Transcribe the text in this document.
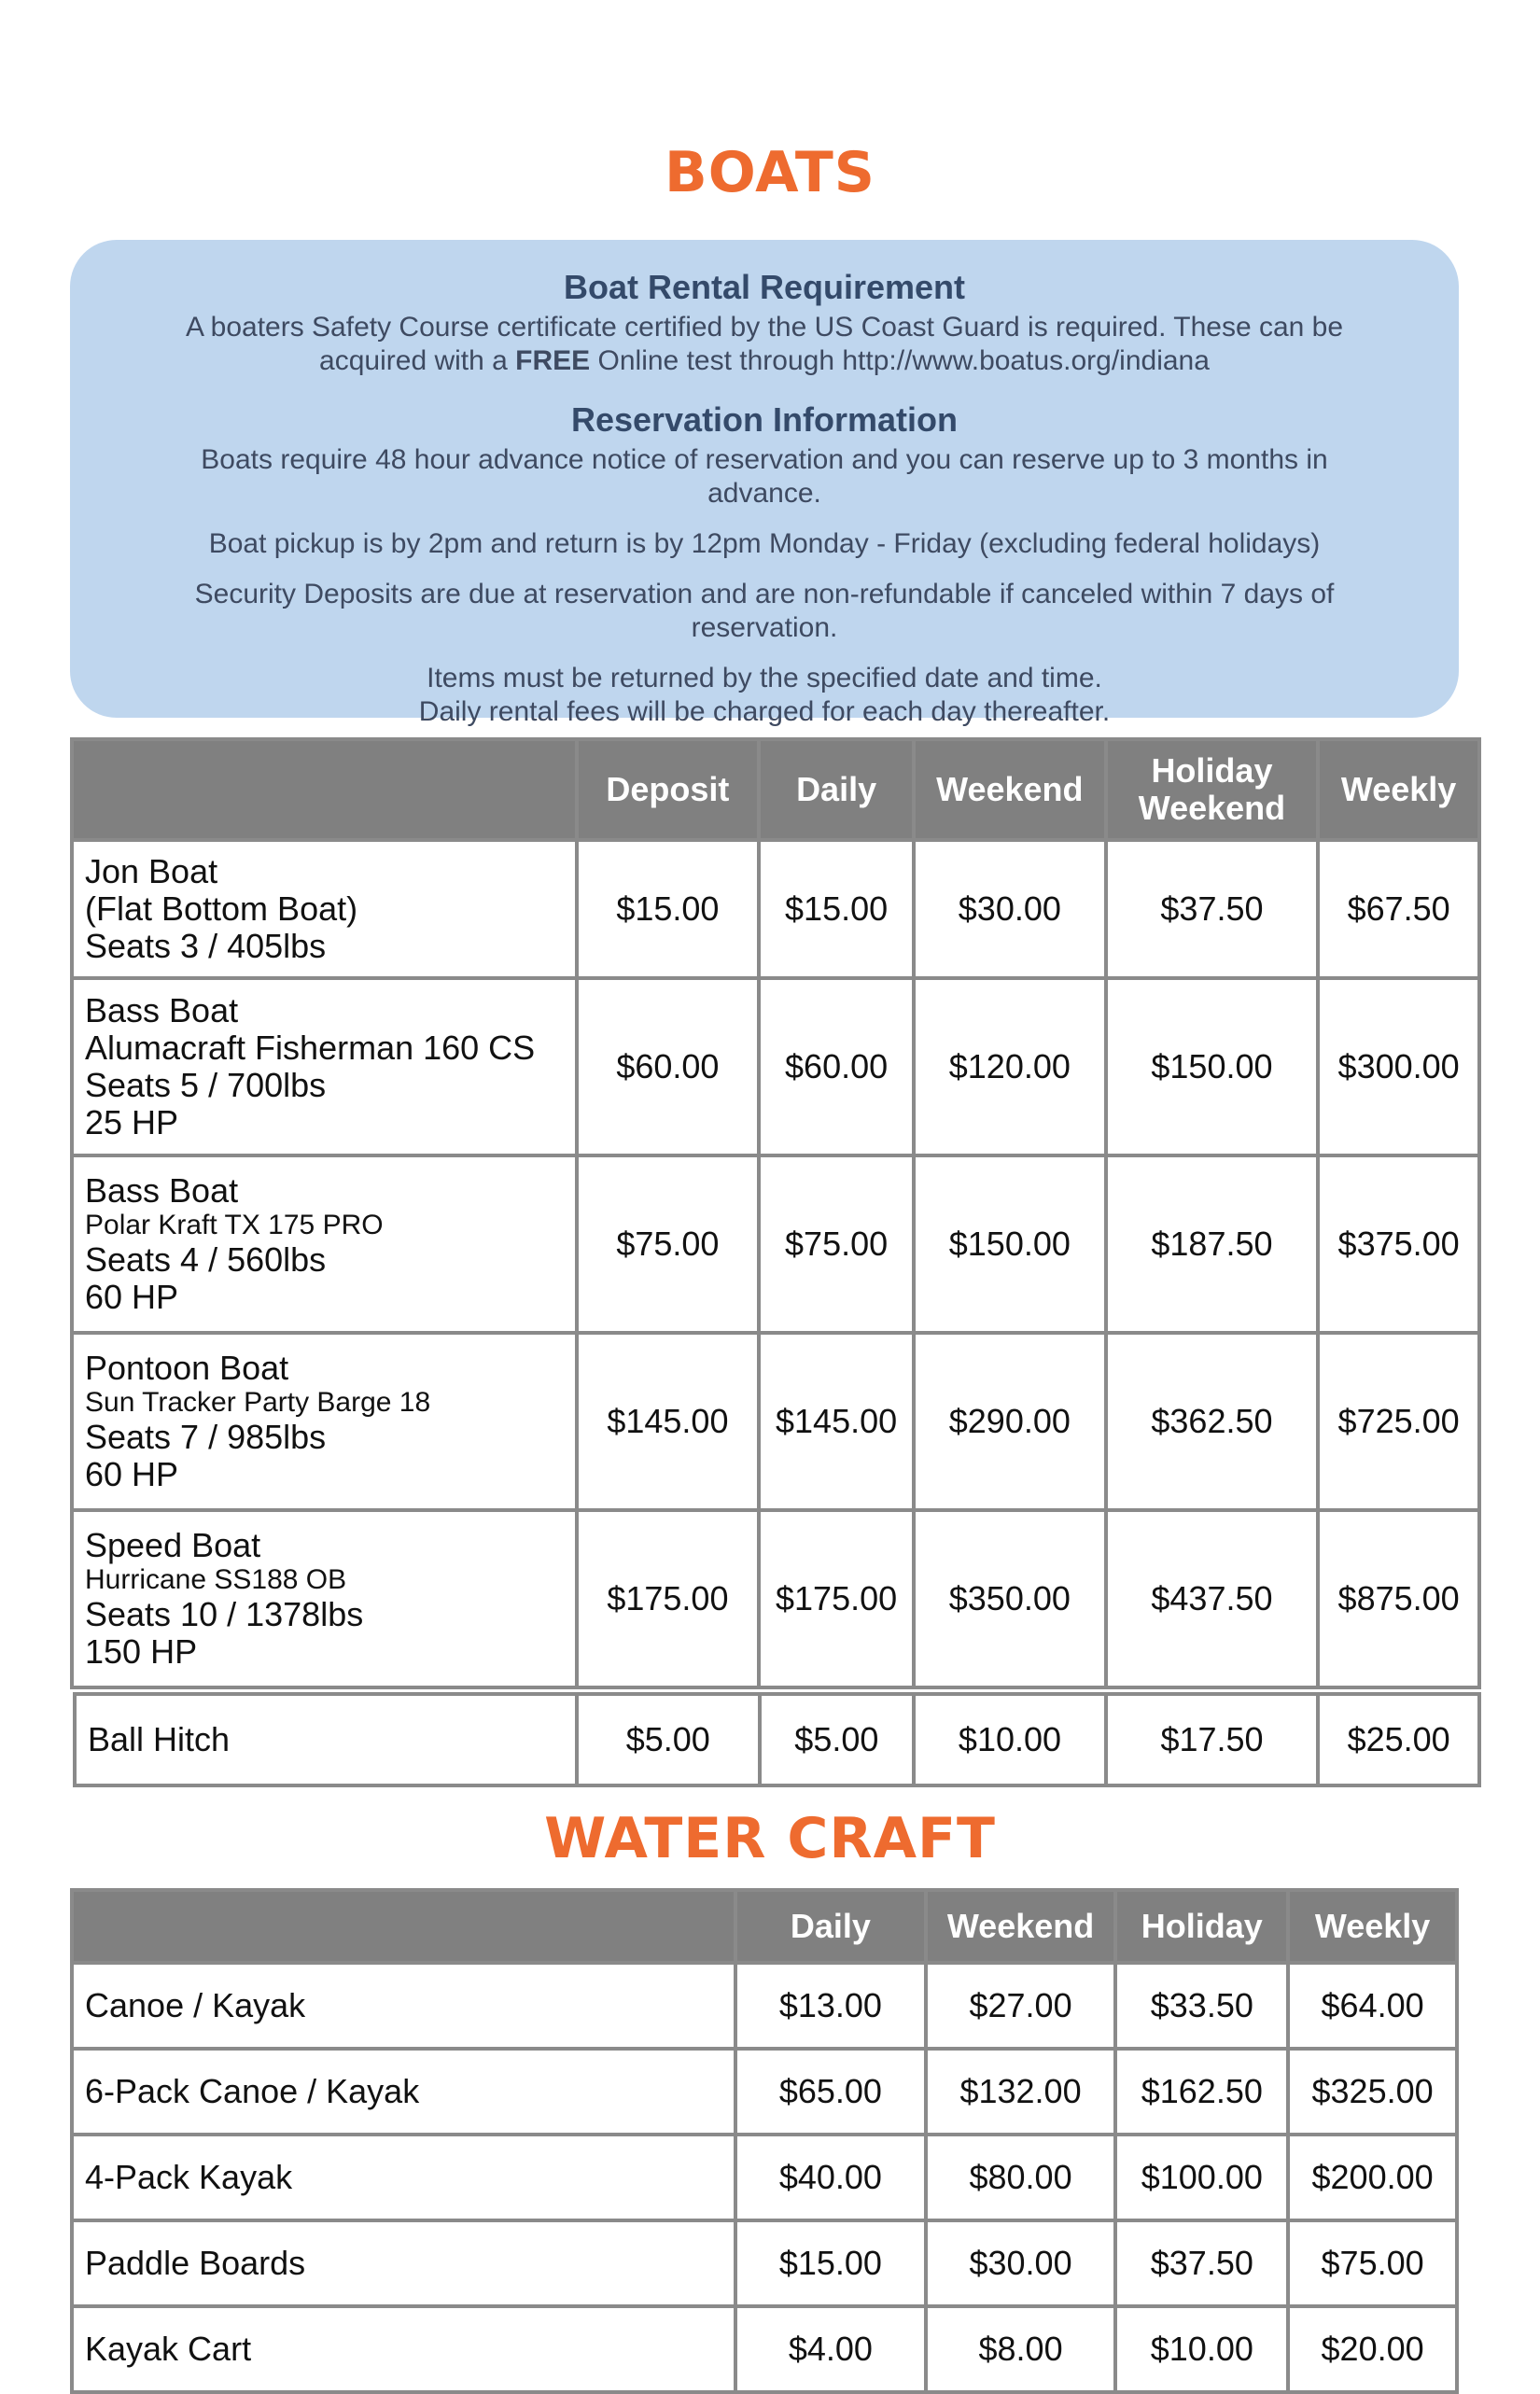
BOATS

Boat Rental Requirement

A boaters Safety Course certificate certified by the US Coast Guard is required. These can be

acquired with a FREE Online test through http://www.boatus.org/indiana

Reservation Information

Boats require 48 hour advance notice of reservation and you can reserve up to 3 months in

advance.

Boat pickup is by 2pm and return is by 12pm Monday - Friday (excluding federal holidays)

Security Deposits are due at reservation and are non-refundable if canceled within 7 days of

reservation.

Items must be returned by the specified date and time.

Daily rental fees will be charged for each day thereafter.

	Deposit	Daily	Weekend	Holiday
Weekend	Weekly

Jon Boat
(Flat Bottom Boat)
Seats 3 / 405lbs	$15.00	$15.00	$30.00	$37.50	$67.50

Bass Boat
Alumacraft Fisherman 160 CS
Seats 5 / 700lbs
25 HP	$60.00	$60.00	$120.00	$150.00	$300.00

Bass Boat
Polar Kraft TX 175 PRO
Seats 4 / 560lbs
60 HP	$75.00	$75.00	$150.00	$187.50	$375.00

Pontoon Boat
Sun Tracker Party Barge 18
Seats 7 / 985lbs
60 HP	$145.00	$145.00	$290.00	$362.50	$725.00

Speed Boat
Hurricane SS188 OB
Seats 10 / 1378lbs
150 HP	$175.00	$175.00	$350.00	$437.50	$875.00
Ball Hitch	$5.00	$5.00	$10.00	$17.50	$25.00
WATER CRAFT
	Daily	Weekend	Holiday	Weekly
Canoe / Kayak	$13.00	$27.00	$33.50	$64.00
6-Pack Canoe / Kayak	$65.00	$132.00	$162.50	$325.00
4-Pack Kayak	$40.00	$80.00	$100.00	$200.00
Paddle Boards	$15.00	$30.00	$37.50	$75.00
Kayak Cart	$4.00	$8.00	$10.00	$20.00
